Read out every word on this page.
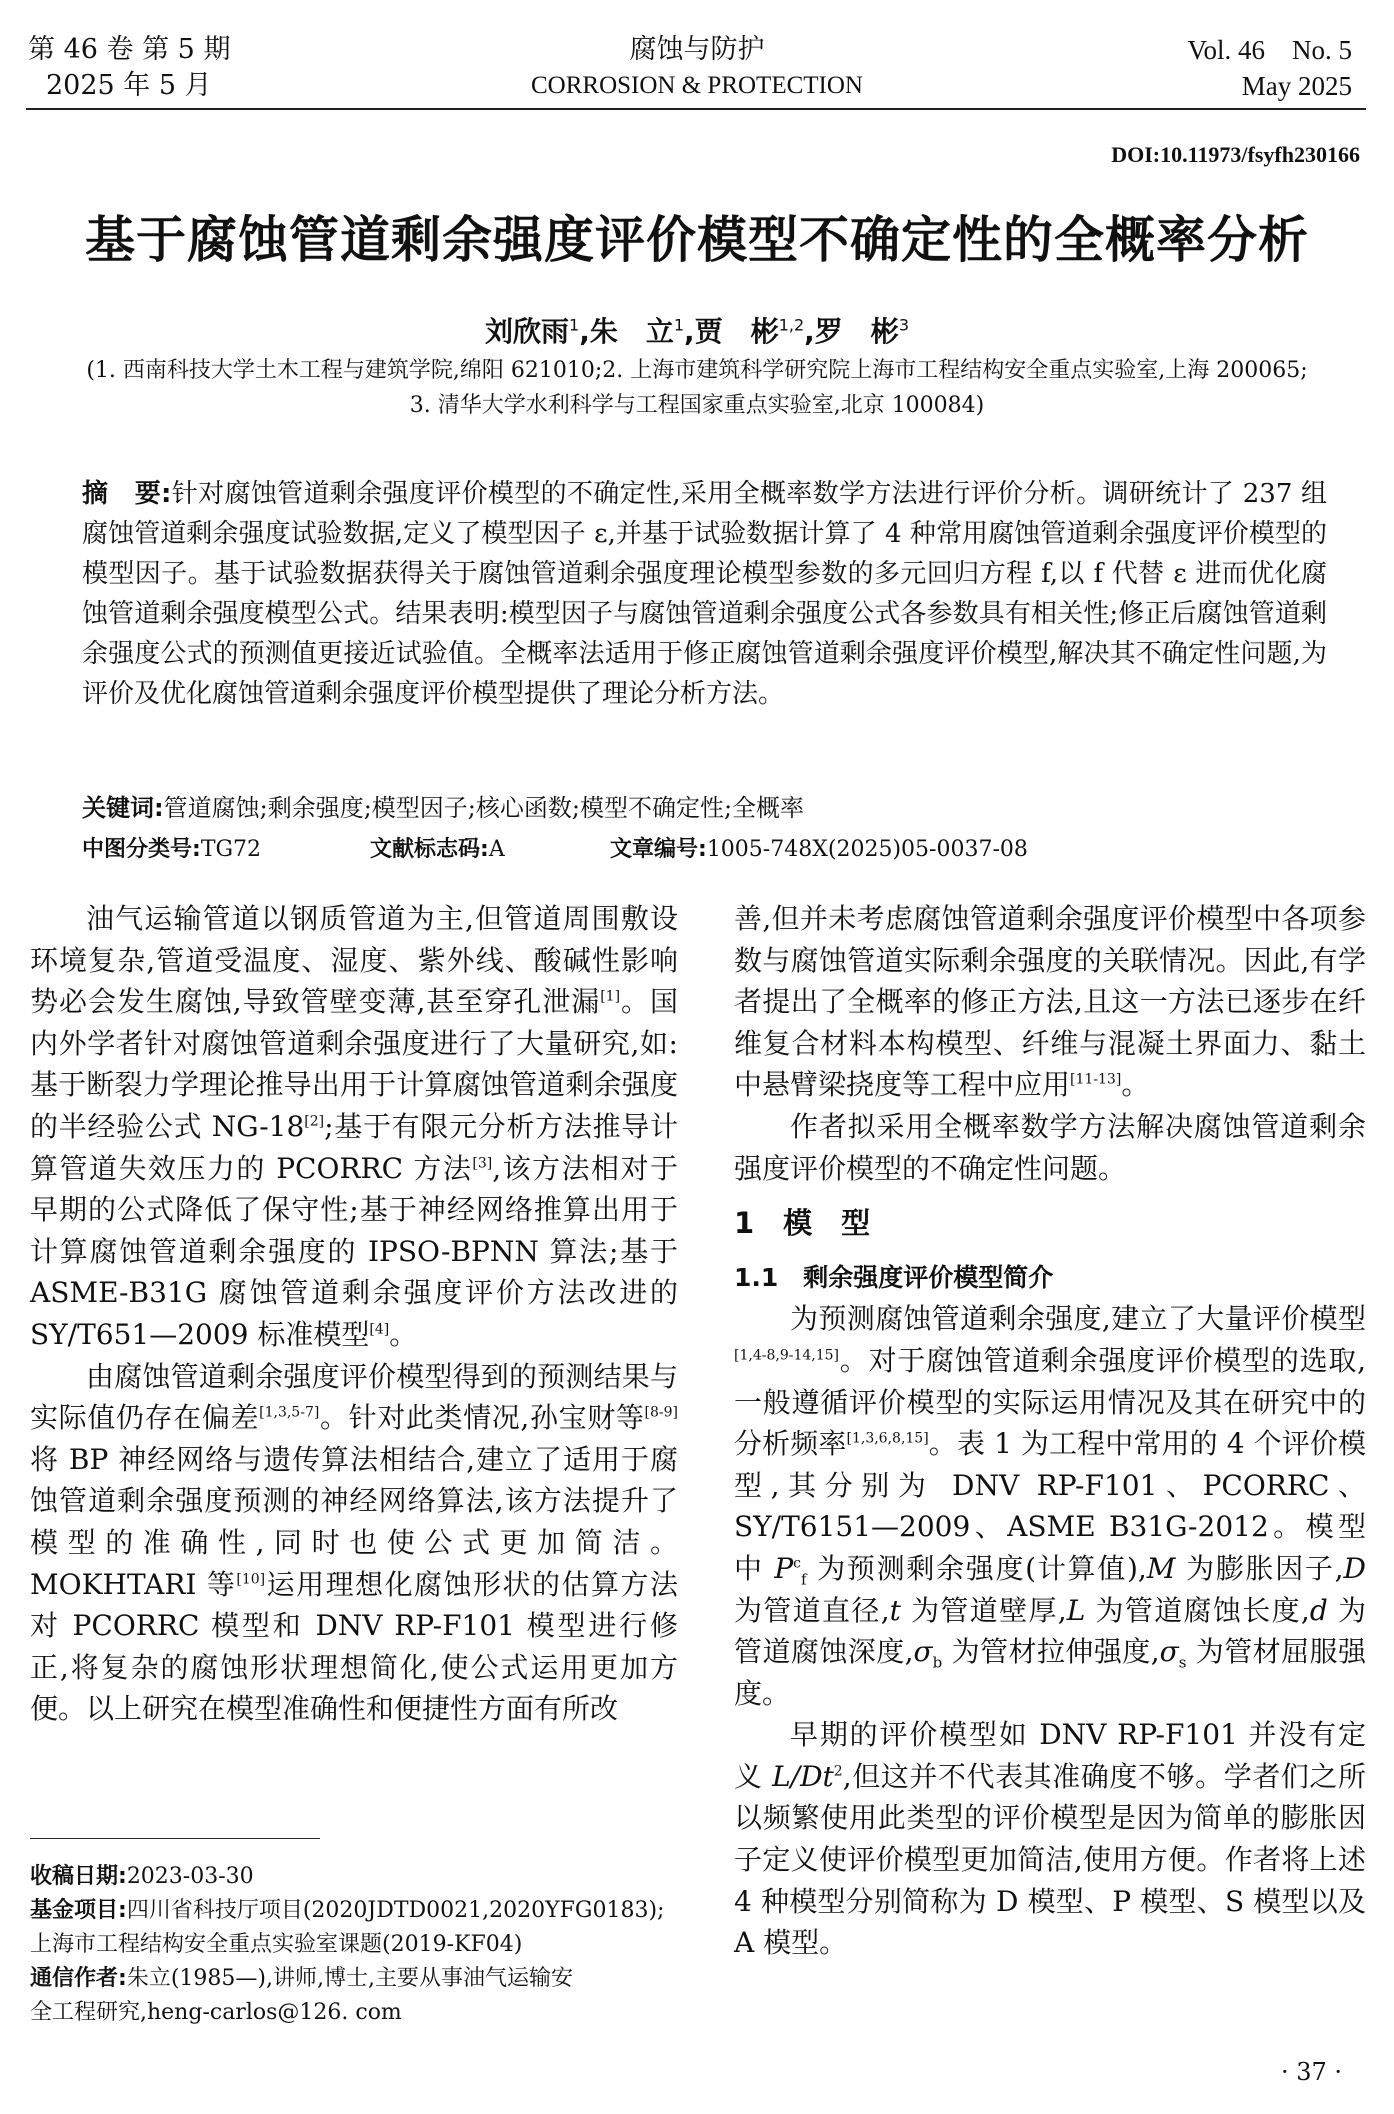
第 46 卷 第 5 期
2025 年 5 月
腐蚀与防护
CORROSION & PROTECTION
Vol. 46    No. 5
May 2025
DOI:10.11973/fsyfh230166
基于腐蚀管道剩余强度评价模型不确定性的全概率分析
刘欣雨$^1$,朱　立$^1$,贾　彬$^{1,2}$,罗　彬$^3$
(1. 西南科技大学土木工程与建筑学院,绵阳 621010;2. 上海市建筑科学研究院上海市工程结构安全重点实验室,上海 200065;
3. 清华大学水利科学与工程国家重点实验室,北京 100084)
摘　要:针对腐蚀管道剩余强度评价模型的不确定性,采用全概率数学方法进行评价分析。调研统计了 237 组腐蚀管道剩余强度试验数据,定义了模型因子 ε,并基于试验数据计算了 4 种常用腐蚀管道剩余强度评价模型的模型因子。基于试验数据获得关于腐蚀管道剩余强度理论模型参数的多元回归方程 f,以 f 代替 ε 进而优化腐蚀管道剩余强度模型公式。结果表明:模型因子与腐蚀管道剩余强度公式各参数具有相关性;修正后腐蚀管道剩余强度公式的预测值更接近试验值。全概率法适用于修正腐蚀管道剩余强度评价模型,解决其不确定性问题,为评价及优化腐蚀管道剩余强度评价模型提供了理论分析方法。
关键词:管道腐蚀;剩余强度;模型因子;核心函数;模型不确定性;全概率
中图分类号:TG72	文献标志码:A	文章编号:1005-748X(2025)05-0037-08

油气运输管道以钢质管道为主,但管道周围敷设环境复杂,管道受温度、湿度、紫外线、酸碱性影响势必会发生腐蚀,导致管壁变薄,甚至穿孔泄漏[1]。国内外学者针对腐蚀管道剩余强度进行了大量研究,如:基于断裂力学理论推导出用于计算腐蚀管道剩余强度的半经验公式 NG-18[2];基于有限元分析方法推导计算管道失效压力的 PCORRC 方法[3],该方法相对于早期的公式降低了保守性;基于神经网络推算出用于计算腐蚀管道剩余强度的 IPSO-BPNN 算法;基于 ASME-B31G 腐蚀管道剩余强度评价方法改进的 SY/T651—2009 标准模型[4]。

由腐蚀管道剩余强度评价模型得到的预测结果与实际值仍存在偏差[1,3,5-7]。针对此类情况,孙宝财等[8-9]将 BP 神经网络与遗传算法相结合,建立了适用于腐蚀管道剩余强度预测的神经网络算法,该方法提升了模型的准确性,同时也使公式更加简洁。MOKHTARI 等[10]运用理想化腐蚀形状的估算方法对 PCORRC 模型和 DNV RP-F101 模型进行修正,将复杂的腐蚀形状理想简化,使公式运用更加方便。以上研究在模型准确性和便捷性方面有所改

收稿日期:2023-03-30
基金项目:四川省科技厅项目(2020JDTD0021,2020YFG0183);
上海市工程结构安全重点实验室课题(2019-KF04)
通信作者:朱立(1985—),讲师,博士,主要从事油气运输安
全工程研究,heng-carlos@126. com

善,但并未考虑腐蚀管道剩余强度评价模型中各项参数与腐蚀管道实际剩余强度的关联情况。因此,有学者提出了全概率的修正方法,且这一方法已逐步在纤维复合材料本构模型、纤维与混凝土界面力、黏土中悬臂梁挠度等工程中应用[11-13]。

作者拟采用全概率数学方法解决腐蚀管道剩余强度评价模型的不确定性问题。

1　模　型

1.1　剩余强度评价模型简介

为预测腐蚀管道剩余强度,建立了大量评价模型[1,4-8,9-14,15]。对于腐蚀管道剩余强度评价模型的选取,一般遵循评价模型的实际运用情况及其在研究中的分析频率[1,3,6,8,15]。表 1 为工程中常用的 4 个评价模型,其分别为 DNV RP-F101、PCORRC、SY/T6151—2009、ASME B31G-2012。模型中 $P^c_f$ 为预测剩余强度(计算值),M 为膨胀因子,D 为管道直径,t 为管道壁厚,L 为管道腐蚀长度,d 为管道腐蚀深度$,\sigma_b$ 为管材拉伸强度$,\sigma_s$ 为管材屈服强度。

早期的评价模型如 DNV RP-F101 并没有定义 L/Dt$^2$,但这并不代表其准确度不够。学者们之所以频繁使用此类型的评价模型是因为简单的膨胀因子定义使评价模型更加简洁,使用方便。作者将上述 4 种模型分别简称为 D 模型、P 模型、S 模型以及 A 模型。

· 37 ·
